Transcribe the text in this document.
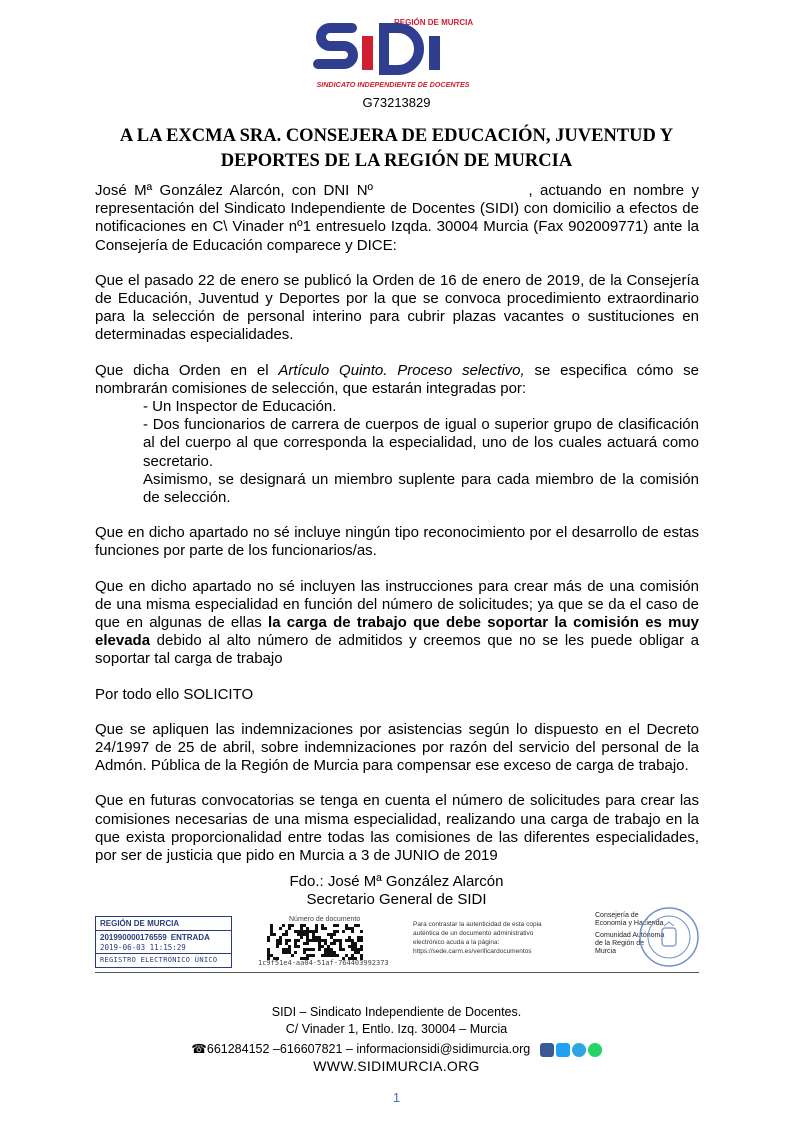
REGIÓN DE MURCIA
SINDICATO INDEPENDIENTE DE DOCENTES
G73213829
A LA EXCMA SRA. CONSEJERA DE EDUCACIÓN, JUVENTUD Y DEPORTES DE LA REGIÓN DE MURCIA

José Mª González Alarcón, con DNI Nº                     , actuando en nombre y representación del Sindicato Independiente de Docentes (SIDI) con domicilio a efectos de notificaciones en C\ Vinader nº1 entresuelo Izqda. 30004 Murcia (Fax 902009771) ante la Consejería de Educación comparece y DICE:

Que el pasado 22 de enero se publicó la Orden de 16 de enero de 2019, de la Consejería de Educación, Juventud y Deportes por la que se convoca procedimiento extraordinario para la selección de personal interino para cubrir plazas vacantes o sustituciones en determinadas especialidades.

Que dicha Orden en el Artículo Quinto. Proceso selectivo, se especifica cómo se nombrarán comisiones de selección, que estarán integradas por:

- Un Inspector de Educación.

- Dos funcionarios de carrera de cuerpos de igual o superior grupo de clasificación al del cuerpo al que corresponda la especialidad, uno de los cuales actuará como secretario.

Asimismo, se designará un miembro suplente para cada miembro de la comisión de selección.

Que en dicho apartado no sé incluye ningún tipo reconocimiento por el desarrollo de estas funciones por parte de los funcionarios/as.

Que en dicho apartado no sé incluyen las instrucciones para crear más de una comisión de una misma especialidad en función del número de solicitudes; ya que se da el caso de que en algunas de ellas la carga de trabajo que debe soportar la comisión es muy elevada debido al alto número de admitidos y creemos que no se les puede obligar a soportar tal carga de trabajo

Por todo ello SOLICITO

Que se apliquen las indemnizaciones por asistencias según lo dispuesto en el Decreto 24/1997 de 25 de abril, sobre indemnizaciones por razón del servicio del personal de la Admón. Pública de la Región de Murcia para compensar ese exceso de carga de trabajo.

Que en futuras convocatorias se tenga en cuenta el número de solicitudes para crear las comisiones necesarias de una misma especialidad, realizando una carga de trabajo en la que exista proporcionalidad entre todas las comisiones de las diferentes especialidades, por ser de justicia que pido en Murcia a 3 de JUNIO de 2019

Fdo.: José Mª González Alarcón
Secretario General de SIDI
REGIÓN DE MURCIA
201990000176559 ENTRADA
2019-06-03 11:15:29
REGISTRO ELECTRÓNICO ÚNICO
Número de documento
1c9f51e4-aa04-51af-764403992373
Para contrastar la autenticidad de esta copia auténtica de un documento administrativo electrónico acuda a la página: https://sede.carm.es/verificardocumentos
Consejería de Economía y Hacienda
Comunidad Autónoma de la Región de Murcia
SIDI – Sindicato Independiente de Docentes.
C/ Vinader 1, Entlo. Izq. 30004 – Murcia
☎661284152 –616607821 – informacionsidi@sidimurcia.org
WWW.SIDIMURCIA.ORG
1
